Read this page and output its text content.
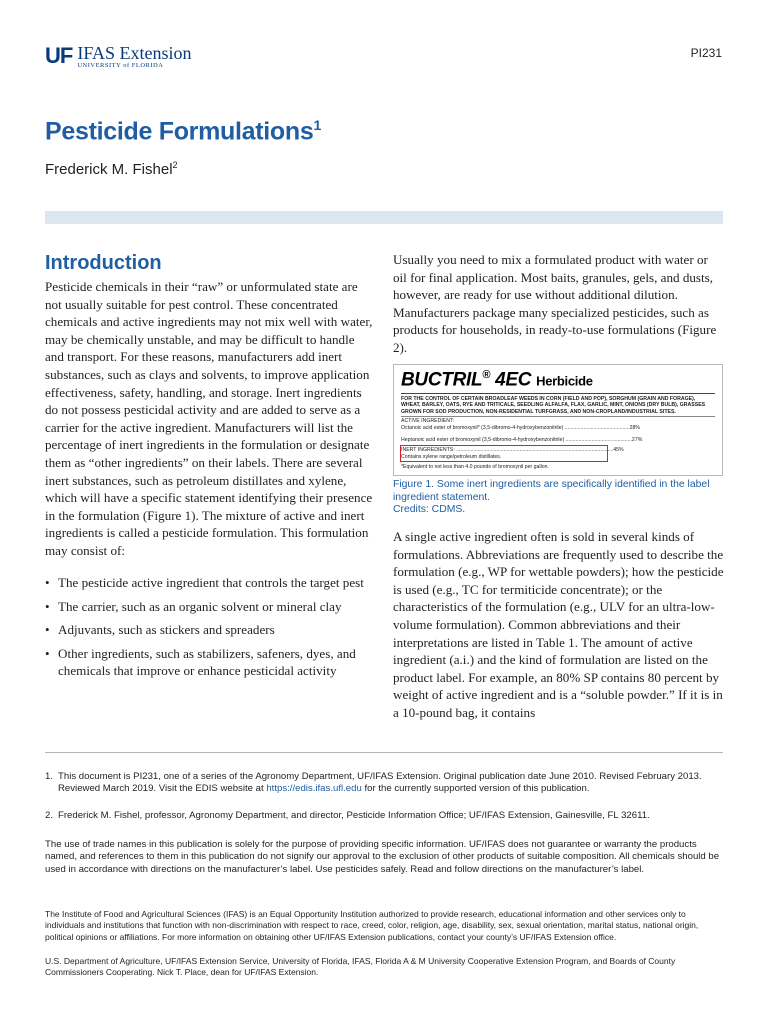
UF IFAS Extension
UNIVERSITY of FLORIDA
PI231
Pesticide Formulations$^1$
Frederick M. Fishel$^2$
Introduction
Pesticide chemicals in their “raw” or unformulated state are not usually suitable for pest control. These concentrated chemicals and active ingredients may not mix well with water, may be chemically unstable, and may be difficult to handle and transport. For these reasons, manufacturers add inert substances, such as clays and solvents, to improve application effectiveness, safety, handling, and storage. Inert ingredients do not possess pesticidal activity and are added to serve as a carrier for the active ingredient. Manufacturers will list the percentage of inert ingredients in the formulation or designate them as “other ingredients” on their labels. There are several inert substances, such as petroleum distillates and xylene, which will have a specific statement identifying their presence in the formulation (Figure 1). The mixture of active and inert ingredients is called a pesticide formulation. This formulation may consist of:
• The pesticide active ingredient that controls the target pest
• The carrier, such as an organic solvent or mineral clay
• Adjuvants, such as stickers and spreaders
• Other ingredients, such as stabilizers, safeners, dyes, and chemicals that improve or enhance pesticidal activity
Usually you need to mix a formulated product with water or oil for final application. Most baits, granules, gels, and dusts, however, are ready for use without additional dilution. Manufacturers package many specialized pesticides, such as products for households, in ready-to-use formulations (Figure 2).
BUCTRIL® 4EC Herbicide
FOR THE CONTROL OF CERTAIN BROADLEAF WEEDS IN CORN (FIELD AND POP), SORGHUM (GRAIN AND FORAGE), WHEAT, BARLEY, OATS, RYE AND TRITICALE, SEEDLING ALFALFA, FLAX, GARLIC, MINT, ONIONS (DRY BULB), GRASSES GROWN FOR SOD PRODUCTION, NON-RESIDENTIAL TURFGRASS, AND NON-CROPLAND/INDUSTRIAL SITES.
ACTIVE INGREDIENT:
Octanoic acid ester of bromoxynil* (3,5-dibromo-4-hydroxybenzonitrile) .............................................28%
Heptanoic acid ester of bromoxynil (3,5-dibromo-4-hydroxybenzonitrile) ..............................................27%
INERT INGREDIENTS: .............................................................................................................45%
Contains xylene range/petroleum distillates.
*Equivalent to not less than 4.0 pounds of bromoxynil per gallon.
Figure 1. Some inert ingredients are specifically identified in the label ingredient statement.
Credits: CDMS.
A single active ingredient often is sold in several kinds of formulations. Abbreviations are frequently used to describe the formulation (e.g., WP for wettable powders); how the pesticide is used (e.g., TC for termiticide concentrate); or the characteristics of the formulation (e.g., ULV for an ultra-low-volume formulation). Common abbreviations and their interpretations are listed in Table 1. The amount of active ingredient (a.i.) and the kind of formulation are listed on the product label. For example, an 80% SP contains 80 percent by weight of active ingredient and is a “soluble powder.” If it is in a 10-pound bag, it contains
1. This document is PI231, one of a series of the Agronomy Department, UF/IFAS Extension. Original publication date June 2010. Revised February 2013.
Reviewed March 2019. Visit the EDIS website at https://edis.ifas.ufl.edu for the currently supported version of this publication.
2. Frederick M. Fishel, professor, Agronomy Department, and director, Pesticide Information Office; UF/IFAS Extension, Gainesville, FL 32611.
The use of trade names in this publication is solely for the purpose of providing specific information. UF/IFAS does not guarantee or warranty the products named, and references to them in this publication do not signify our approval to the exclusion of other products of suitable composition. All chemicals should be used in accordance with directions on the manufacturer’s label. Use pesticides safely. Read and follow directions on the manufacturer’s label.
The Institute of Food and Agricultural Sciences (IFAS) is an Equal Opportunity Institution authorized to provide research, educational information and other services only to individuals and institutions that function with non-discrimination with respect to race, creed, color, religion, age, disability, sex, sexual orientation, marital status, national origin, political opinions or affiliations. For more information on obtaining other UF/IFAS Extension publications, contact your county’s UF/IFAS Extension office.
U.S. Department of Agriculture, UF/IFAS Extension Service, University of Florida, IFAS, Florida A & M University Cooperative Extension Program, and Boards of County Commissioners Cooperating. Nick T. Place, dean for UF/IFAS Extension.
